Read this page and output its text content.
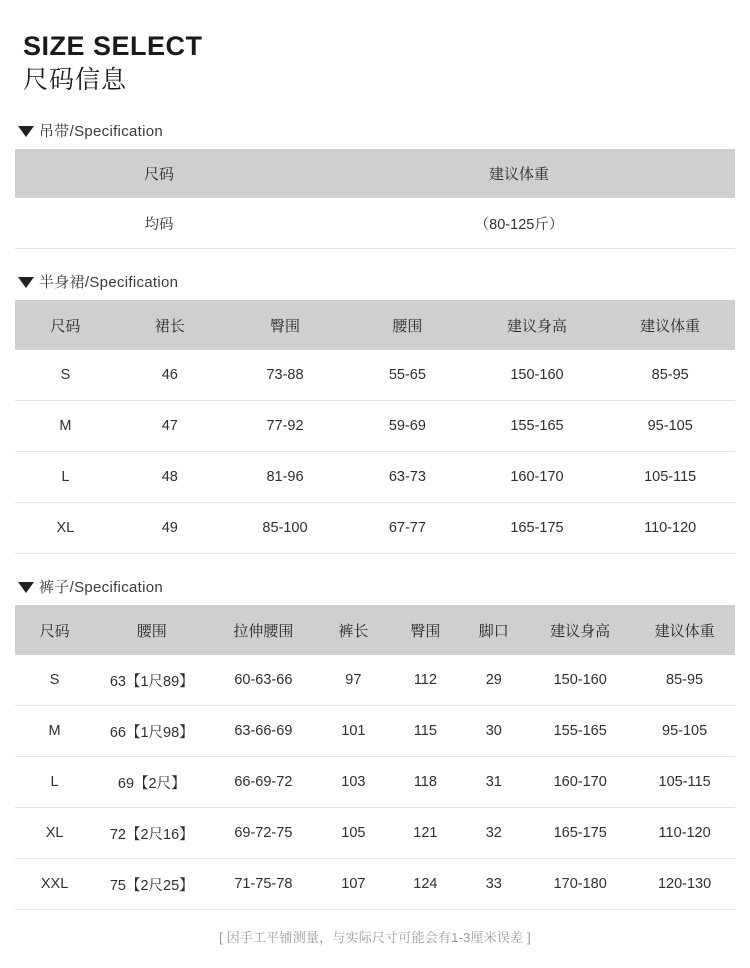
SIZE SELECT
尺码信息
吊带/Specification
尺码	建议体重
均码	（80-125斤）
半身裙/Specification
尺码	裙长	臀围	腰围	建议身高	建议体重
S	46	73-88	55-65	150-160	85-95
M	47	77-92	59-69	155-165	95-105
L	48	81-96	63-73	160-170	105-115
XL	49	85-100	67-77	165-175	110-120
裤子/Specification
尺码	腰围	拉伸腰围	裤长	臀围	脚口	建议身高	建议体重
S	63【1尺89】	60-63-66	97	112	29	150-160	85-95
M	66【1尺98】	63-66-69	101	115	30	155-165	95-105
L	69【2尺】	66-69-72	103	118	31	160-170	105-115
XL	72【2尺16】	69-72-75	105	121	32	165-175	110-120
XXL	75【2尺25】	71-75-78	107	124	33	170-180	120-130
[ 因手工平铺测量，与实际尺寸可能会有1-3厘米误差 ]
